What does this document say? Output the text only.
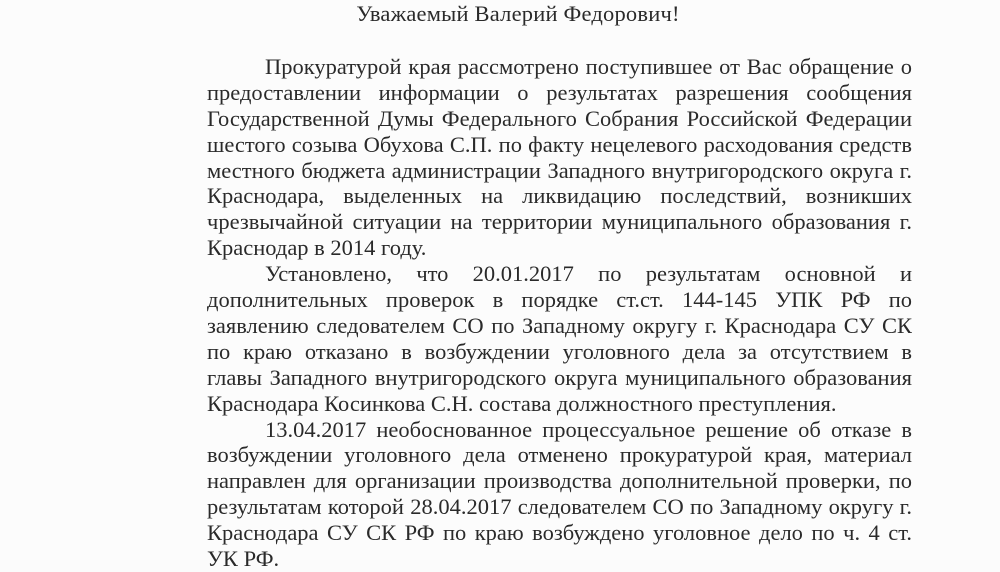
Уважаемый Валерий Федорович!
Прокуратурой края рассмотрено поступившее от Вас обращение о
предоставлении информации о результатах разрешения сообщения
Государственной Думы Федерального Собрания Российской Федерации
шестого созыва Обухова С.П. по факту нецелевого расходования средств
местного бюджета администрации Западного внутригородского округа г.
Краснодара, выделенных на ликвидацию последствий, возникших
чрезвычайной ситуации на территории муниципального образования г.
Краснодар в 2014 году.
Установлено, что 20.01.2017 по результатам основной и
дополнительных проверок в порядке ст.ст. 144-145 УПК РФ по
заявлению следователем СО по Западному округу г. Краснодара СУ СК
по краю отказано в возбуждении уголовного дела за отсутствием в
главы Западного внутригородского округа муниципального образования
Краснодара Косинкова С.Н. состава должностного преступления.
13.04.2017 необоснованное процессуальное решение об отказе в
возбуждении уголовного дела отменено прокуратурой края, материал
направлен для организации производства дополнительной проверки, по
результатам которой 28.04.2017 следователем СО по Западному округу г.
Краснодара СУ СК РФ по краю возбуждено уголовное дело по ч. 4 ст.
УК РФ.
